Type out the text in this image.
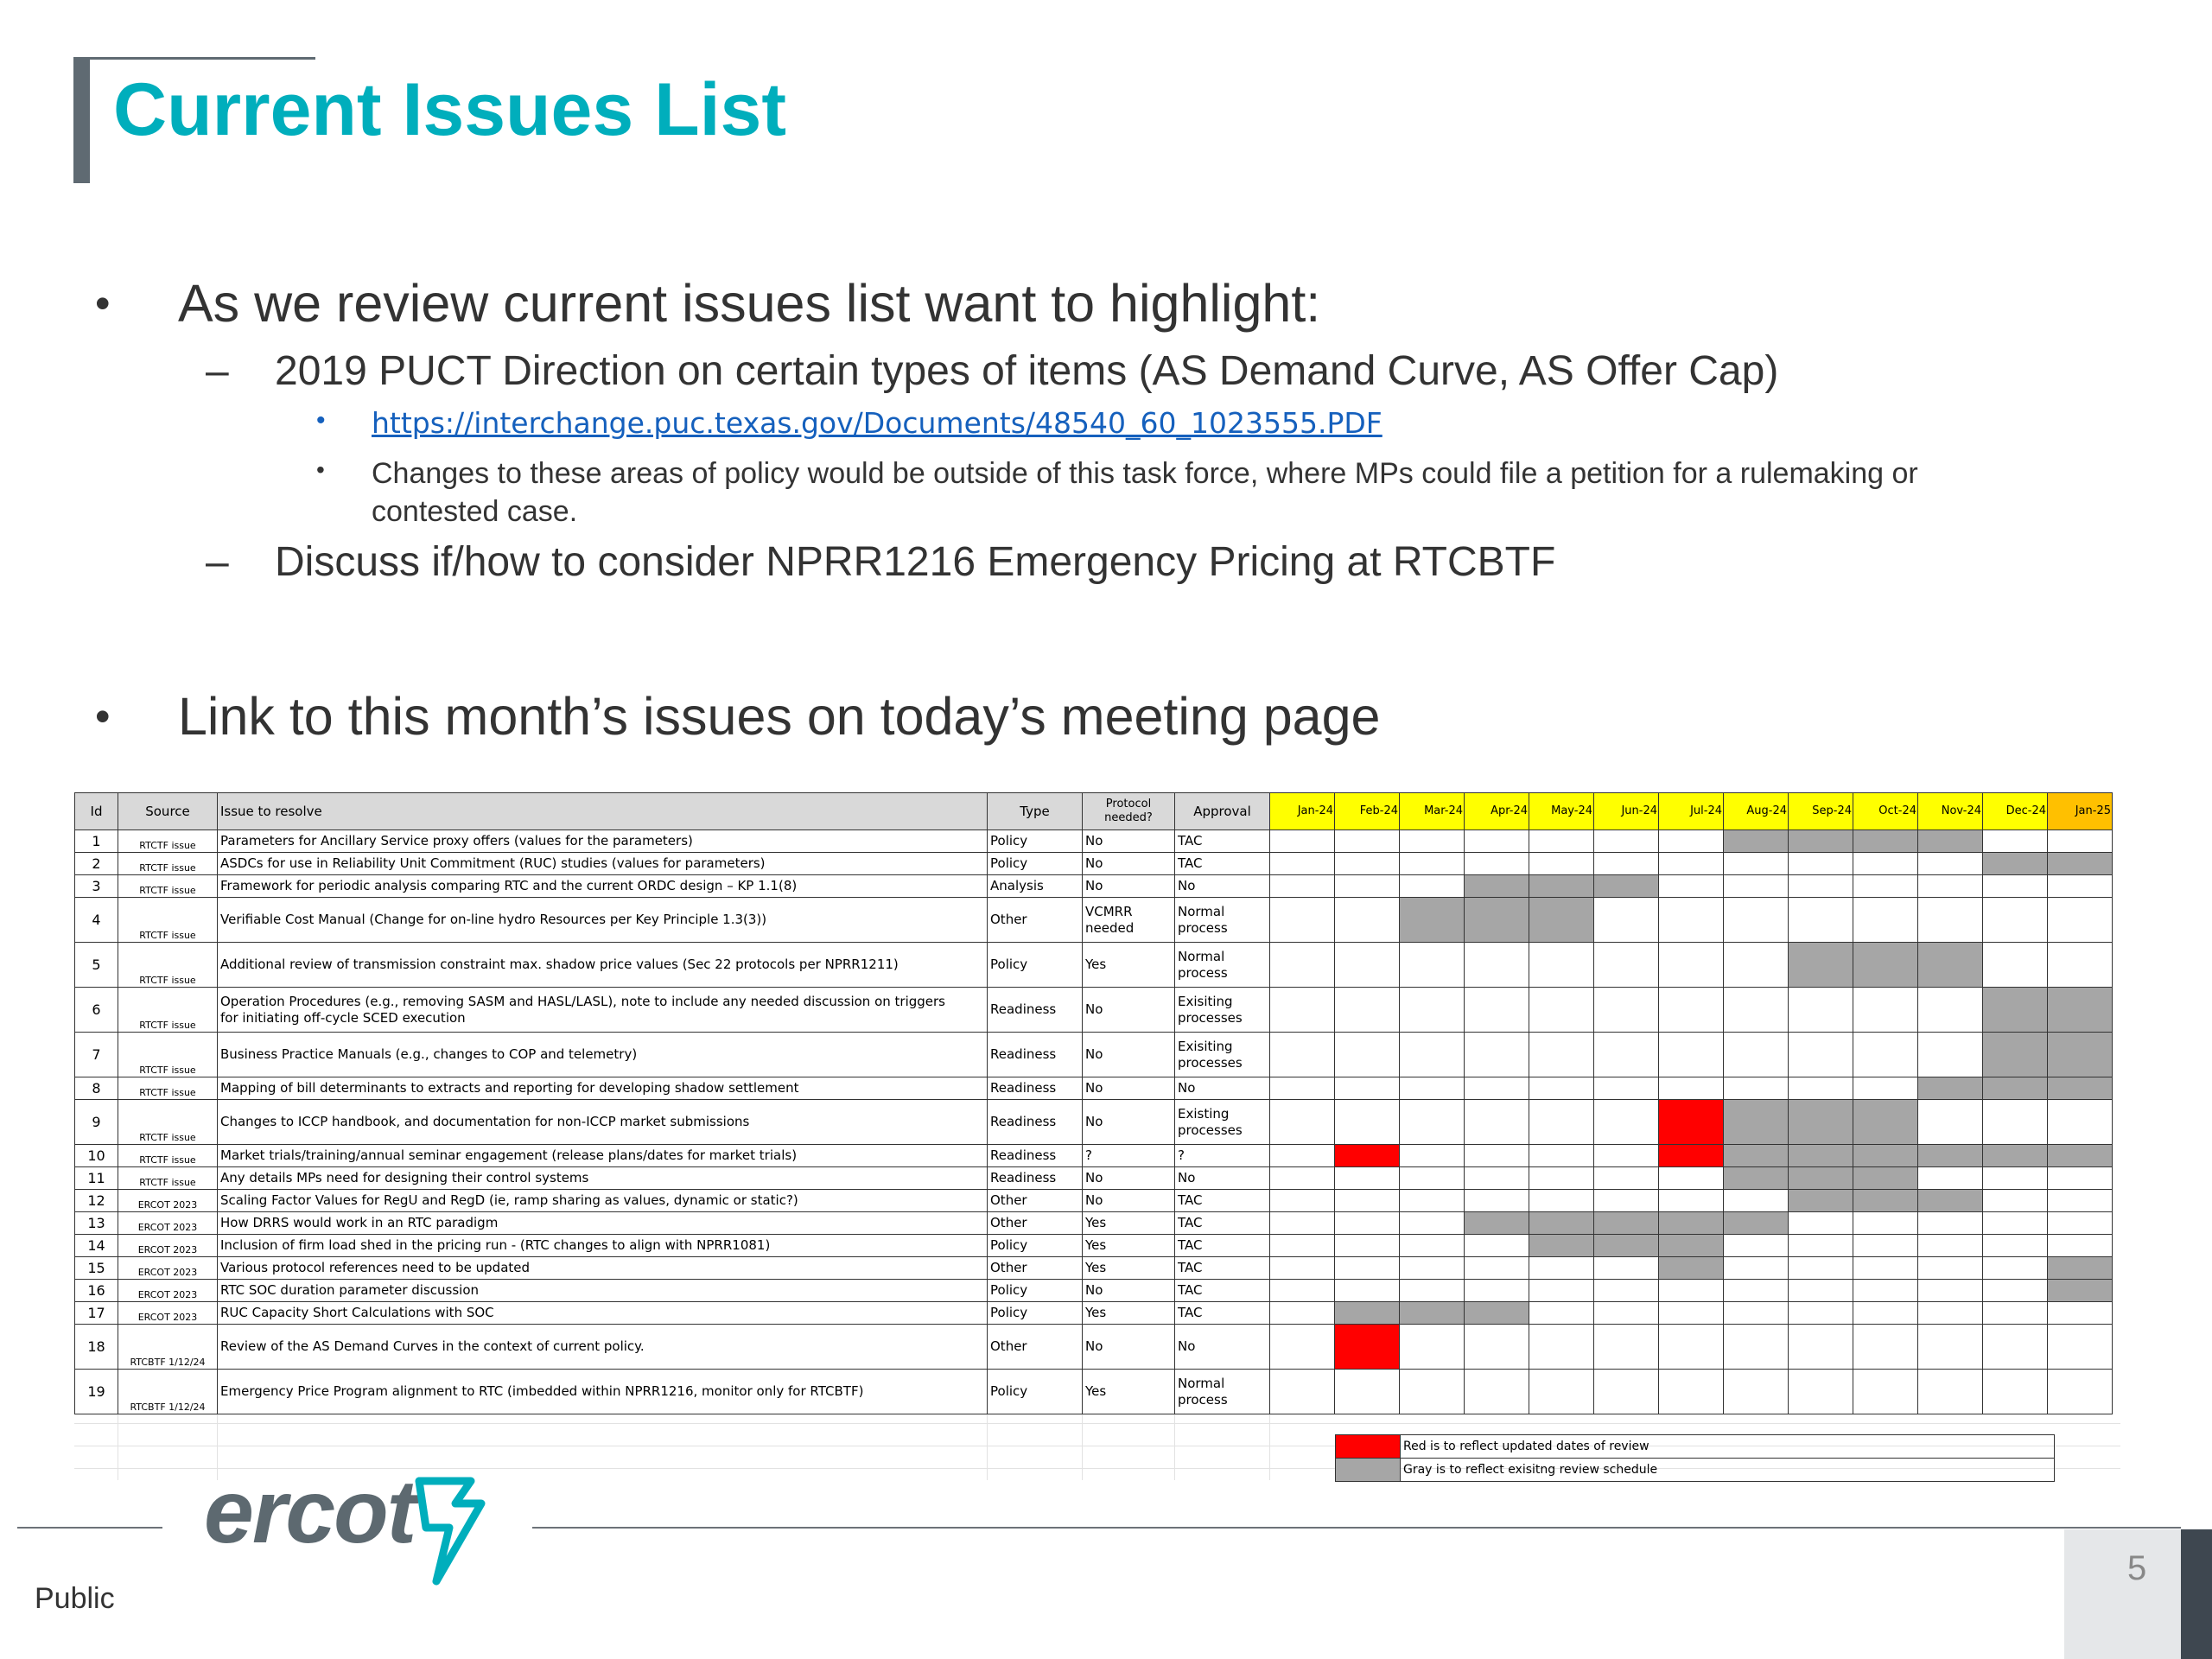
Current Issues List
• As we review current issues list want to highlight:
– 2019 PUCT Direction on certain types of items (AS Demand Curve, AS Offer Cap)
• https://interchange.puc.texas.gov/Documents/48540_60_1023555.PDF
• Changes to these areas of policy would be outside of this task force, where MPs could file a petition for a rulemaking or
contested case.
– Discuss if/how to consider NPRR1216 Emergency Pricing at RTCBTF
• Link to this month’s issues on today’s meeting page
Id	Source	Issue to resolve	Type	Protocol needed?	Approval	Jan-24	Feb-24	Mar-24	Apr-24	May-24	Jun-24	Jul-24	Aug-24	Sep-24	Oct-24	Nov-24	Dec-24	Jan-25
1	RTCTF issue	Parameters for Ancillary Service proxy offers (values for the parameters)	Policy	No	TAC													
2	RTCTF issue	ASDCs for use in Reliability Unit Commitment (RUC) studies (values for parameters)	Policy	No	TAC													
3	RTCTF issue	Framework for periodic analysis comparing RTC and the current ORDC design – KP 1.1(8)	Analysis	No	No													
4	RTCTF issue	Verifiable Cost Manual (Change for on-line hydro Resources per Key Principle 1.3(3))	Other	VCMRR needed	Normal process													
5	RTCTF issue	Additional review of transmission constraint max. shadow price values (Sec 22 protocols per NPRR1211)	Policy	Yes	Normal process													
6	RTCTF issue	Operation Procedures (e.g., removing SASM and HASL/LASL), note to include any needed discussion on triggers
for initiating off-cycle SCED execution	Readiness	No	Exisiting processes													
7	RTCTF issue	Business Practice Manuals (e.g., changes to COP and telemetry)	Readiness	No	Exisiting processes													
8	RTCTF issue	Mapping of bill determinants to extracts and reporting for developing shadow settlement	Readiness	No	No													
9	RTCTF issue	Changes to ICCP handbook, and documentation for non-ICCP market submissions	Readiness	No	Existing processes													
10	RTCTF issue	Market trials/training/annual seminar engagement (release plans/dates for market trials)	Readiness	?	?													
11	RTCTF issue	Any details MPs need for designing their control systems	Readiness	No	No													
12	ERCOT 2023	Scaling Factor Values for RegU and RegD (ie, ramp sharing as values, dynamic or static?)	Other	No	TAC													
13	ERCOT 2023	How DRRS would work in an RTC paradigm	Other	Yes	TAC													
14	ERCOT 2023	Inclusion of firm load shed in the pricing run - (RTC changes to align with NPRR1081)	Policy	Yes	TAC													
15	ERCOT 2023	Various protocol references need to be updated	Other	Yes	TAC													
16	ERCOT 2023	RTC SOC duration parameter discussion	Policy	No	TAC													
17	ERCOT 2023	RUC Capacity Short Calculations with SOC	Policy	Yes	TAC													
18	RTCBTF 1/12/24	Review of the AS Demand Curves in the context of current policy.	Other	No	No													
19	RTCBTF 1/12/24	Emergency Price Program alignment to RTC (imbedded within NPRR1216, monitor only for RTCBTF)	Policy	Yes	Normal process													
Red is to reflect updated dates of review
Gray is to reflect exisitng review schedule
ercot
Public
5
